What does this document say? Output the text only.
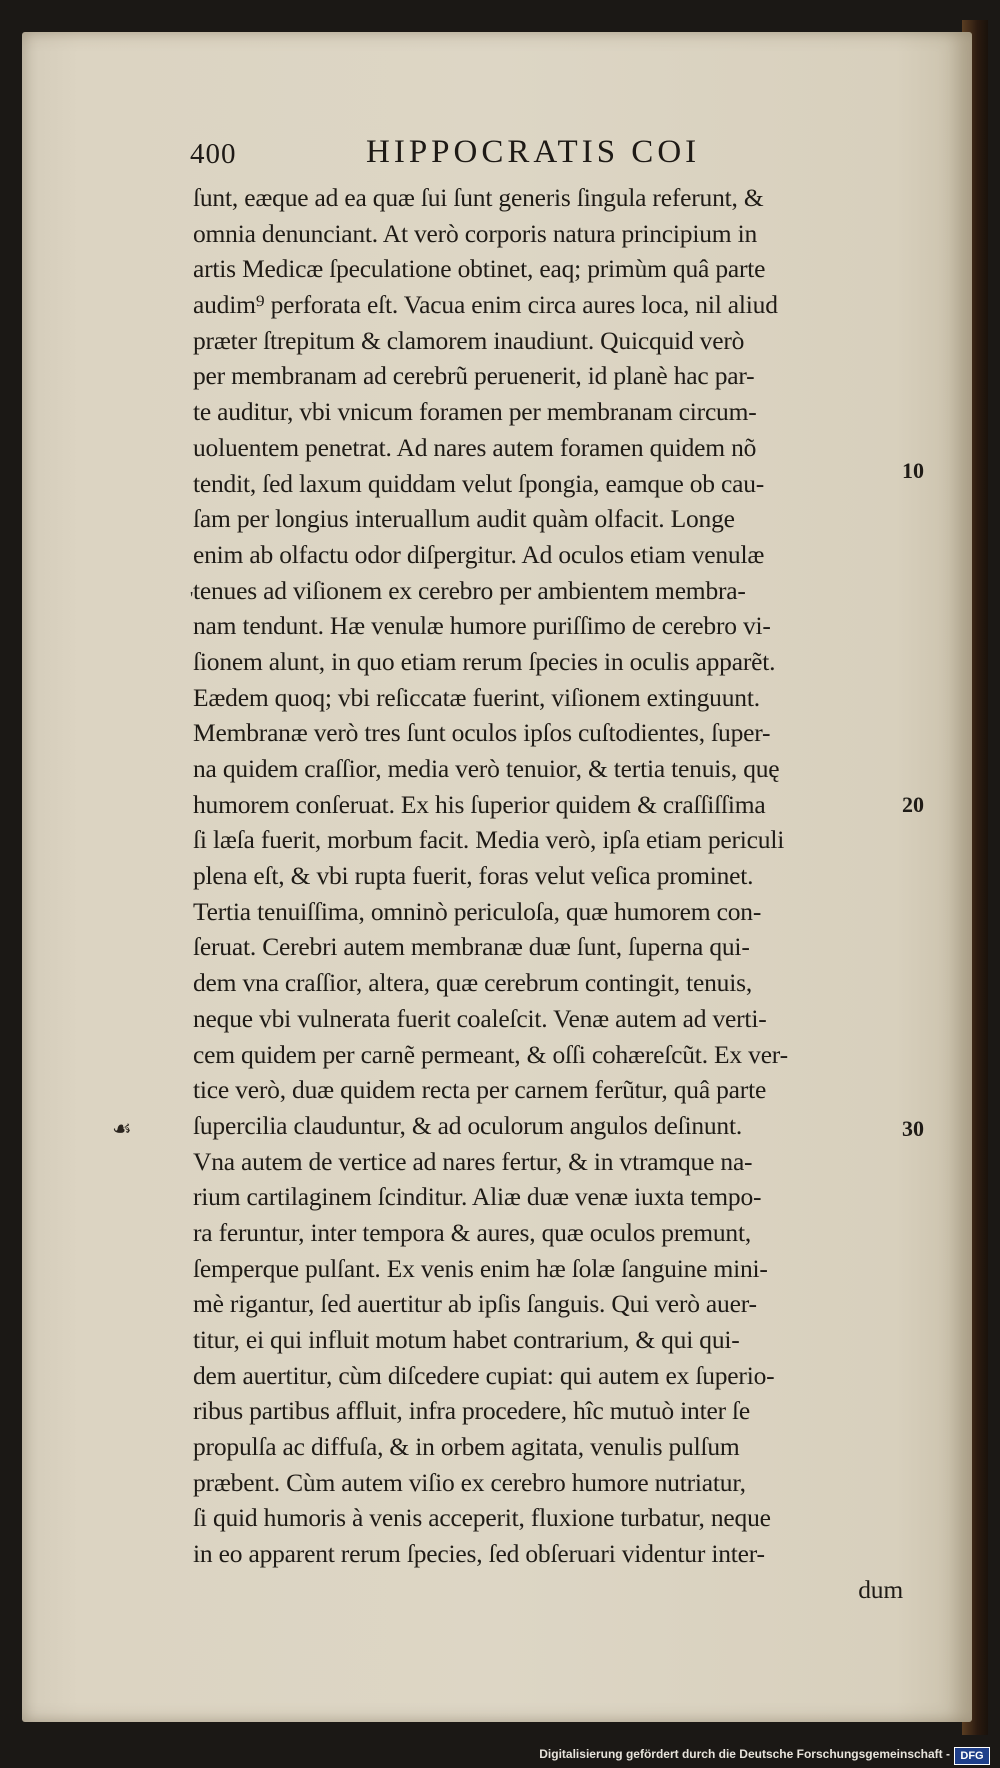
400	HIPPOCRATIS COI
ſunt, eæque ad ea quæ ſui ſunt generis ſingula referunt, &
omnia denunciant. At verò corporis natura principium in
artis Medicæ ſpeculatione obtinet, eaq; primùm quâ parte
audim⁹ perforata eſt. Vacua enim circa aures loca, nil aliud
præter ſtrepitum & clamorem inaudiunt. Quicquid verò
per membranam ad cerebrũ peruenerit, id planè hac par-
te auditur, vbi vnicum foramen per membranam circum-
uoluentem penetrat. Ad nares autem foramen quidem nõ
tendit, ſed laxum quiddam velut ſpongia, eamque ob cau-
ſam per longius interuallum audit quàm olfacit. Longe
enim ab olfactu odor diſpergitur. Ad oculos etiam venulæ
tenues ad viſionem ex cerebro per ambientem membra-
nam tendunt. Hæ venulæ humore puriſſimo de cerebro vi-
ſionem alunt, in quo etiam rerum ſpecies in oculis apparẽt.
Eædem quoq; vbi reſiccatæ fuerint, viſionem extinguunt.
Membranæ verò tres ſunt oculos ipſos cuſtodientes, ſuper-
na quidem craſſior, media verò tenuior, & tertia tenuis, quę
humorem conſeruat. Ex his ſuperior quidem & craſſiſſima
ſi læſa fuerit, morbum facit. Media verò, ipſa etiam periculi
plena eſt, & vbi rupta fuerit, foras velut veſica prominet.
Tertia tenuiſſima, omninò periculoſa, quæ humorem con-
ſeruat. Cerebri autem membranæ duæ ſunt, ſuperna qui-
dem vna craſſior, altera, quæ cerebrum contingit, tenuis,
neque vbi vulnerata fuerit coaleſcit. Venæ autem ad verti-
cem quidem per carnẽ permeant, & oſſi cohæreſcũt. Ex ver-
tice verò, duæ quidem recta per carnem ferũtur, quâ parte
ſupercilia clauduntur, & ad oculorum angulos deſinunt.
Vna autem de vertice ad nares fertur, & in vtramque na-
rium cartilaginem ſcinditur. Aliæ duæ venæ iuxta tempo-
ra feruntur, inter tempora & aures, quæ oculos premunt,
ſemperque pulſant. Ex venis enim hæ ſolæ ſanguine mini-
mè rigantur, ſed auertitur ab ipſis ſanguis. Qui verò auer-
titur, ei qui influit motum habet contrarium, & qui qui-
dem auertitur, cùm diſcedere cupiat: qui autem ex ſuperio-
ribus partibus affluit, infra procedere, hîc mutuò inter ſe
propulſa ac diffuſa, & in orbem agitata, venulis pulſum
præbent. Cùm autem viſio ex cerebro humore nutriatur,
ſi quid humoris à venis acceperit, fluxione turbatur, neque
in eo apparent rerum ſpecies, ſed obſeruari videntur inter-
dum
10
20
30
'
☙
Digitalisierung gefördert durch die Deutsche Forschungsgemeinschaft - DFG
